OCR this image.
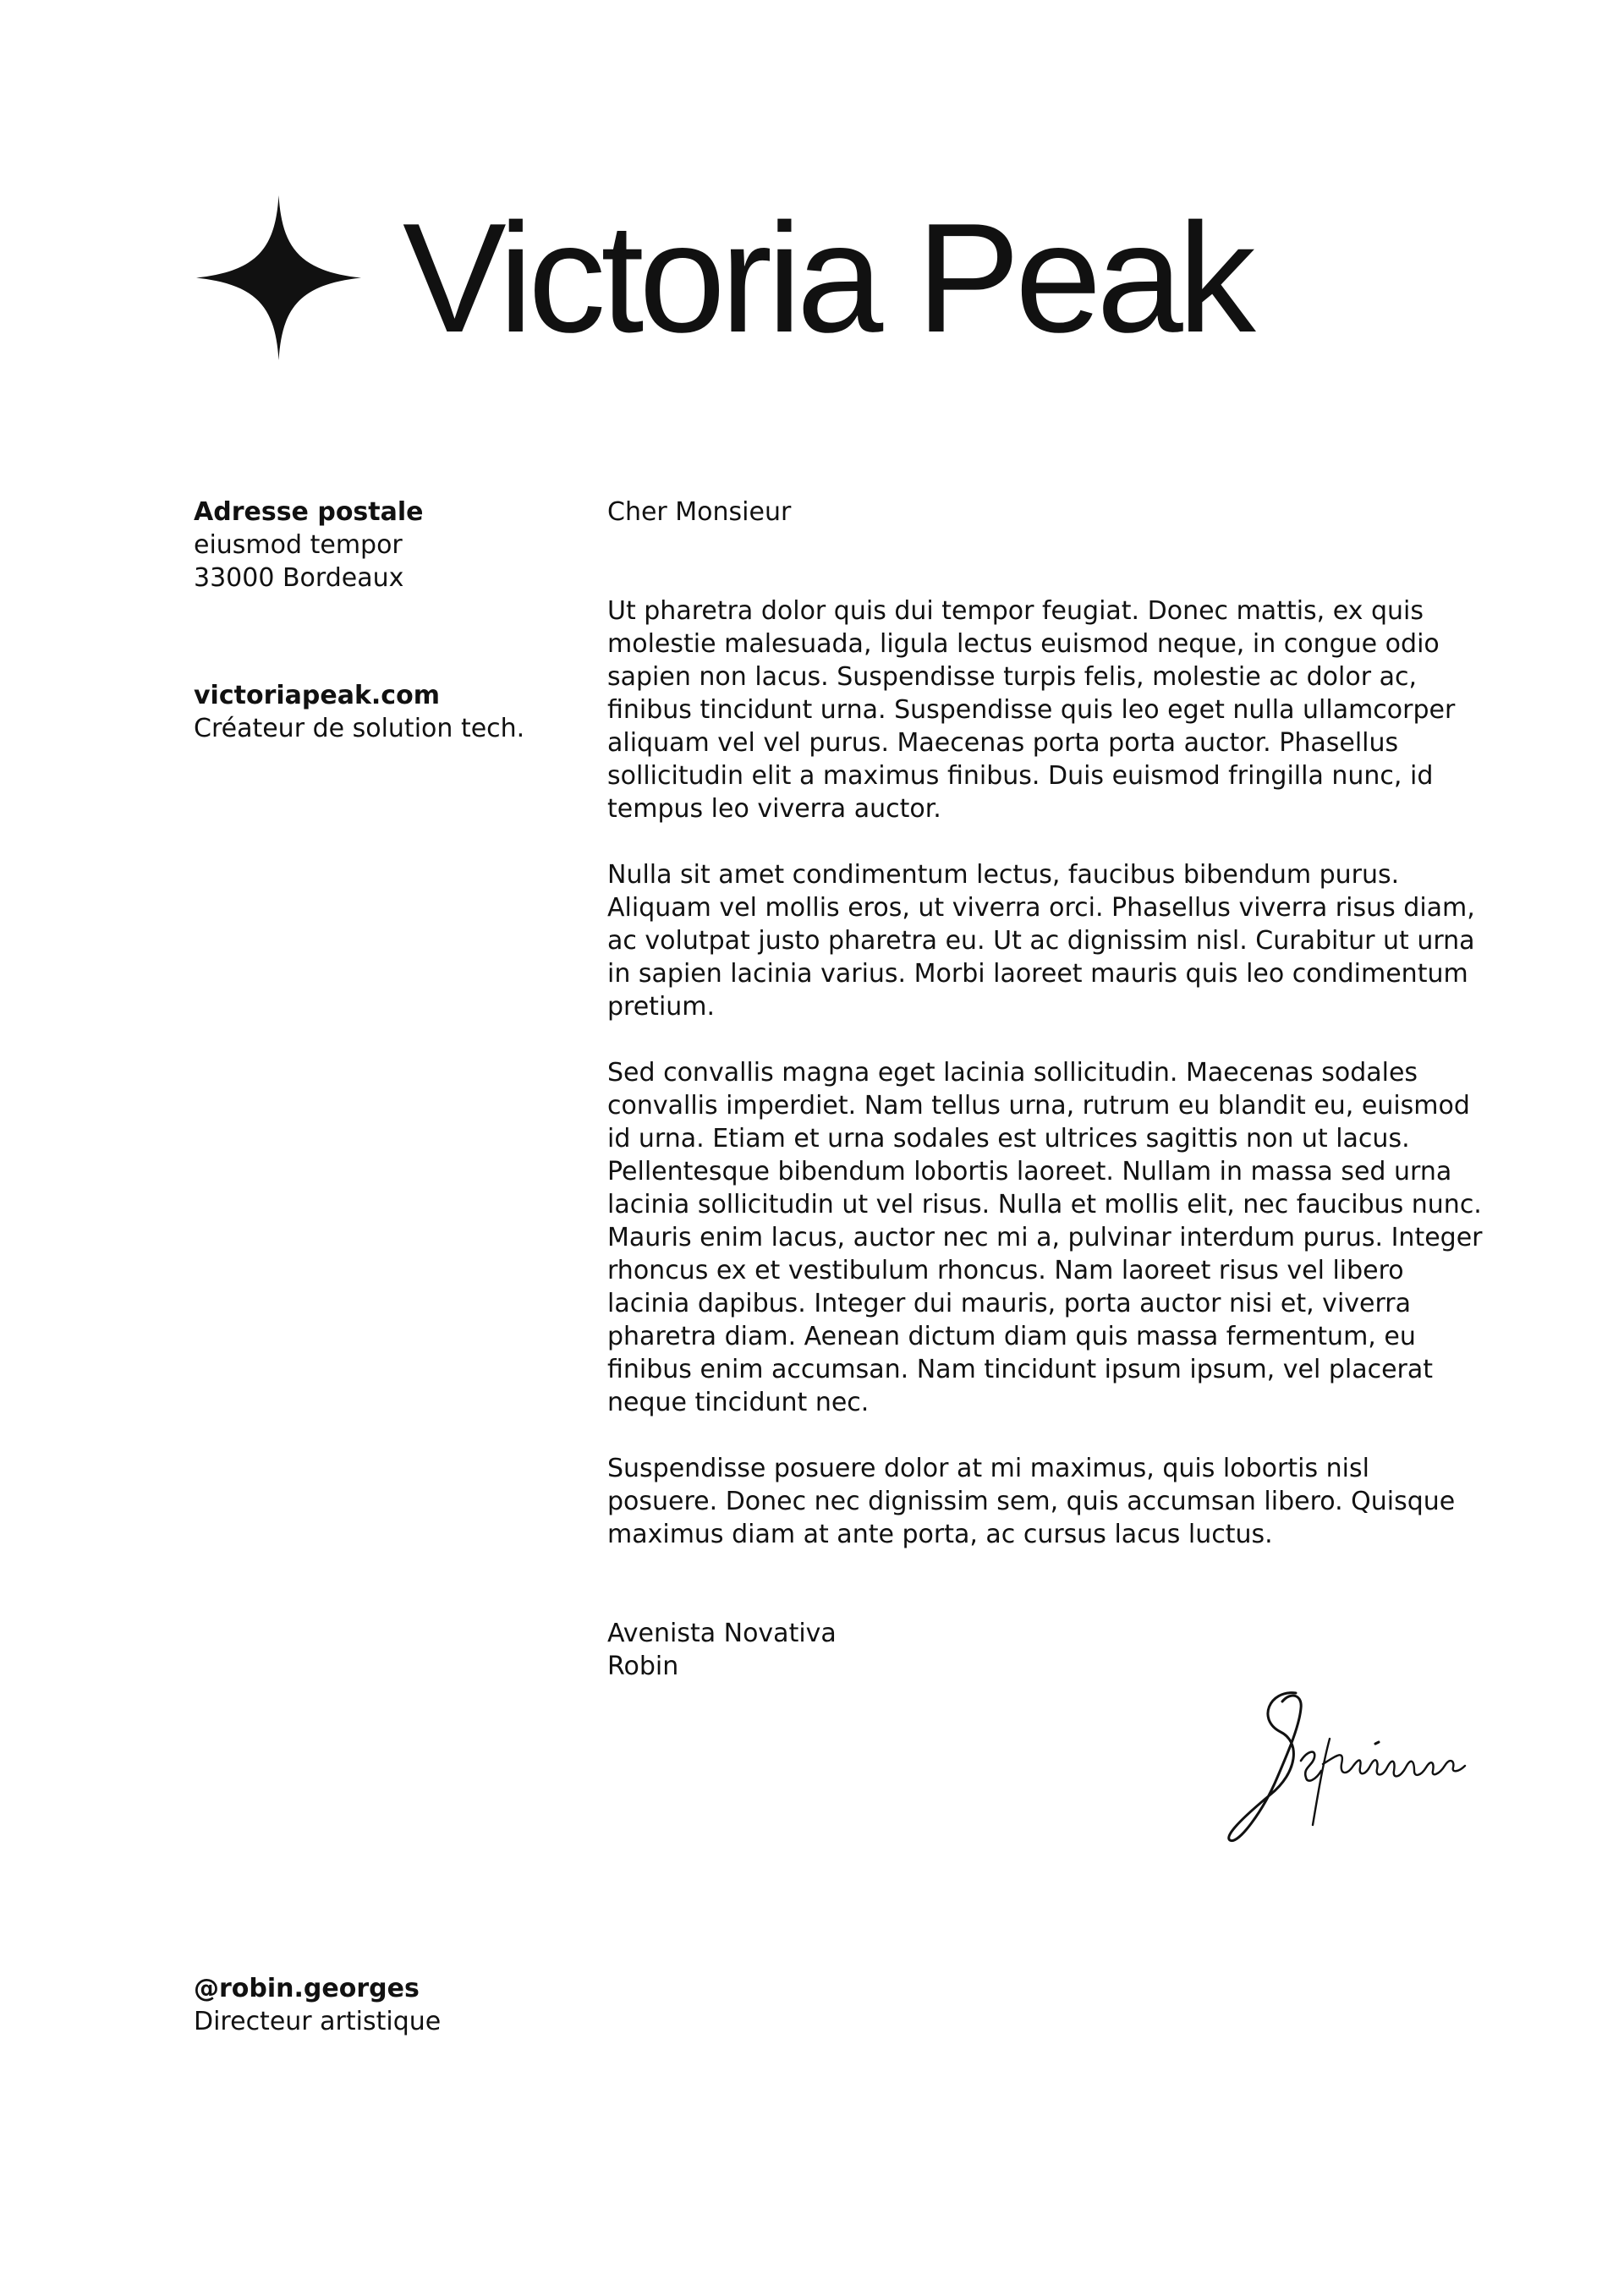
Victoria Peak
Adresse postale
eiusmod tempor
33000 Bordeaux
victoriapeak.com
Créateur de solution tech.

Cher Monsieur

Ut pharetra dolor quis dui tempor feugiat. Donec mattis, ex quis molestie malesuada, ligula lectus euismod neque, in congue odio sapien non lacus. Suspendisse turpis felis, molestie ac dolor ac, finibus tincidunt urna. Suspendisse quis leo eget nulla ullamcorper aliquam vel vel purus. Maecenas porta porta auctor. Phasellus sollicitudin elit a maximus finibus. Duis euismod fringilla nunc, id tempus leo viverra auctor.

Nulla sit amet condimentum lectus, faucibus bibendum purus. Aliquam vel mollis eros, ut viverra orci. Phasellus viverra risus diam, ac volutpat justo pharetra eu. Ut ac dignissim nisl. Curabitur ut urna in sapien lacinia varius. Morbi laoreet mauris quis leo condimentum pretium.

Sed convallis magna eget lacinia sollicitudin. Maecenas sodales convallis imperdiet. Nam tellus urna, rutrum eu blandit eu, euismod id urna. Etiam et urna sodales est ultrices sagittis non ut lacus. Pellentesque bibendum lobortis laoreet. Nullam in massa sed urna lacinia sollicitudin ut vel risus. Nulla et mollis elit, nec faucibus nunc. Mauris enim lacus, auctor nec mi a, pulvinar interdum purus. Integer rhoncus ex et vestibulum rhoncus. Nam laoreet risus vel libero lacinia dapibus. Integer dui mauris, porta auctor nisi et, viverra pharetra diam. Aenean dictum diam quis massa fermentum, eu finibus enim accumsan. Nam tincidunt ipsum ipsum, vel placerat neque tincidunt nec.

Suspendisse posuere dolor at mi maximus, quis lobortis nisl posuere. Donec nec dignissim sem, quis accumsan libero. Quisque maximus diam at ante porta, ac cursus lacus luctus.

Avenista Novativa
Robin
@robin.georges
Directeur artistique
